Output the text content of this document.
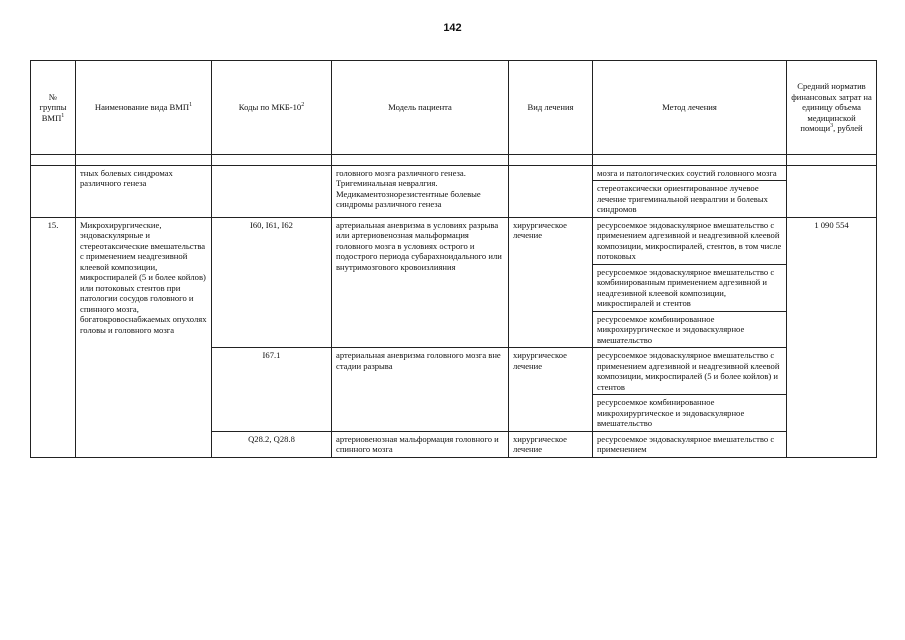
142
№
группы
ВМП$^1$	Наименование вида ВМП$^1$	Коды по МКБ-$10^2$	Модель пациента	Вид лечения	Метод лечения	Средний норматив финансовых затрат на единицу объема медицинской помощи$^3$, рублей

	тных болевых синдромах различного генеза		головного мозга различного генеза. Тригеминальная невралгия. Медикаментознорезистентные болевые синдромы различного генеза		мозга и патологических соустий головного мозга	
					стереотаксически ориентированное лучевое лечение тригеминальной невралгии и болевых синдромов	
15.	Микрохирургические, эндоваскулярные и стереотаксические вмешательства с применением неадгезивной клеевой композиции, микроспиралей (5 и более койлов) или потоковых стентов при патологии сосудов головного и спинного мозга, богатокровоснабжаемых опухолях головы и головного мозга	I60, I61, I62	артериальная аневризма в условиях разрыва или артериовенозная мальформация головного мозга в условиях острого и подострого периода субарахноидального или внутримозгового кровоизлияния	хирургическое лечение	ресурсоемкое эндоваскулярное вмешательство с применением адгезивной и неадгезивной клеевой композиции, микроспиралей, стентов, в том числе потоковых	1 090 554
					ресурсоемкое эндоваскулярное вмешательство с комбинированным применением адгезивной и неадгезивной клеевой композиции, микроспиралей и стентов	
					ресурсоемкое комбинированное микрохирургическое и эндоваскулярное вмешательство	
		I67.1	артериальная аневризма головного мозга вне стадии разрыва	хирургическое лечение	ресурсоемкое эндоваскулярное вмешательство с применением адгезивной и неадгезивной клеевой композиции, микроспиралей (5 и более койлов) и стентов	
					ресурсоемкое комбинированное микрохирургическое и эндоваскулярное вмешательство	
		Q28.2, Q28.8	артериовенозная мальформация головного и спинного мозга	хирургическое лечение	ресурсоемкое эндоваскулярное вмешательство с применением	
